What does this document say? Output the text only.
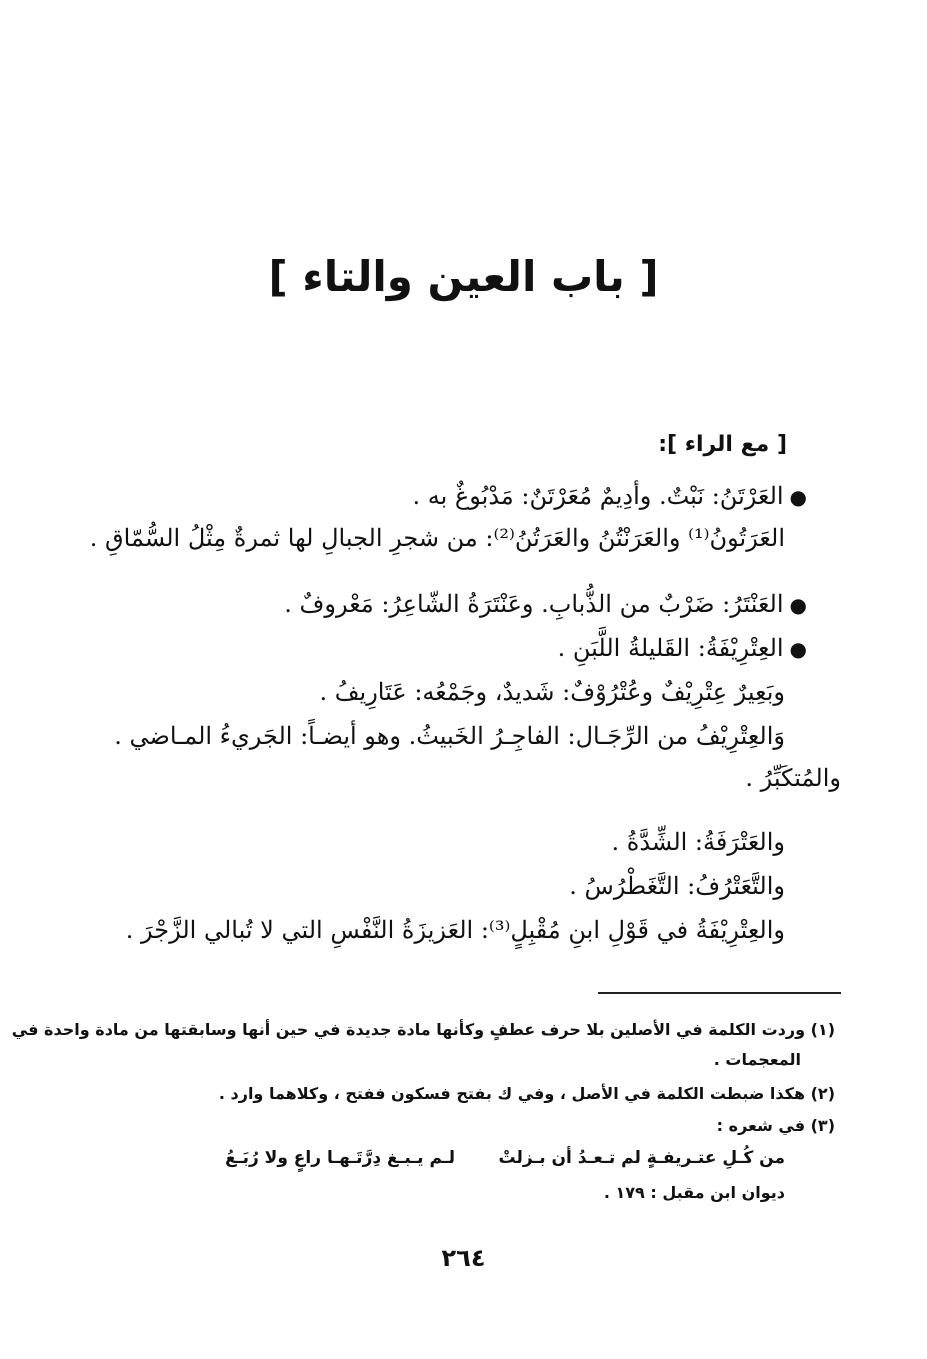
[ باب العين والتاء ]
[ مع الراء ]:
●العَرْتَنُ: نَبْتٌ. وأدِيمٌ مُعَرْتَنٌ: مَدْبُوغٌ به .
العَرَتُونُ⁽¹⁾ والعَرَنْتُنُ والعَرَتُنُ⁽²⁾: من شجرِ الجبالِ لها ثمرةٌ مِثْلُ السُّمّاقِ .
●العَنْتَرُ: ضَرْبٌ من الذُّبابِ. وعَنْتَرَةُ الشّاعِرُ: مَعْروفٌ .
●العِتْرِيْفَةُ: القَليلةُ اللَّبَنِ .
وبَعِيرٌ عِتْرِيْفٌ وعُتْرُوْفٌ: شَديدٌ، وجَمْعُه: عَتَارِيفُ .
وَالعِتْرِيْفُ من الرِّجَـال: الفاجِـرُ الخَبيثُ. وهو أيضـاً: الجَريءُ المـاضي .
والمُتكَبِّرُ .
والعَتْرَفَةُ: الشِّدَّةُ .
والتَّعَتْرُفُ: التَّغَطْرُسُ .
والعِتْرِيْفَةُ في قَوْلِ ابنِ مُقْبِلٍ⁽³⁾: العَزيزَةُ النَّفْسِ التي لا تُبالي الزَّجْرَ .
(١) وردت الكلمة في الأصلين بلا حرف عطفٍ وكأنها مادة جديدة في حين أنها وسابقتها من مادة واحدة في
المعجمات .
(٢) هكذا ضبطت الكلمة في الأصل ، وفي ك بفتح فسكون ففتح ، وكلاهما وارد .
(٣) في شعره :
من كُـلِ عتـريفـةٍ لم تـعـدُ أن بـزلتْ
لـم يـبـغ دِرَّتَـهـا راعٍ ولا رُبَـعُ
ديوان ابن مقبل : ١٧٩ .
٢٦٤
